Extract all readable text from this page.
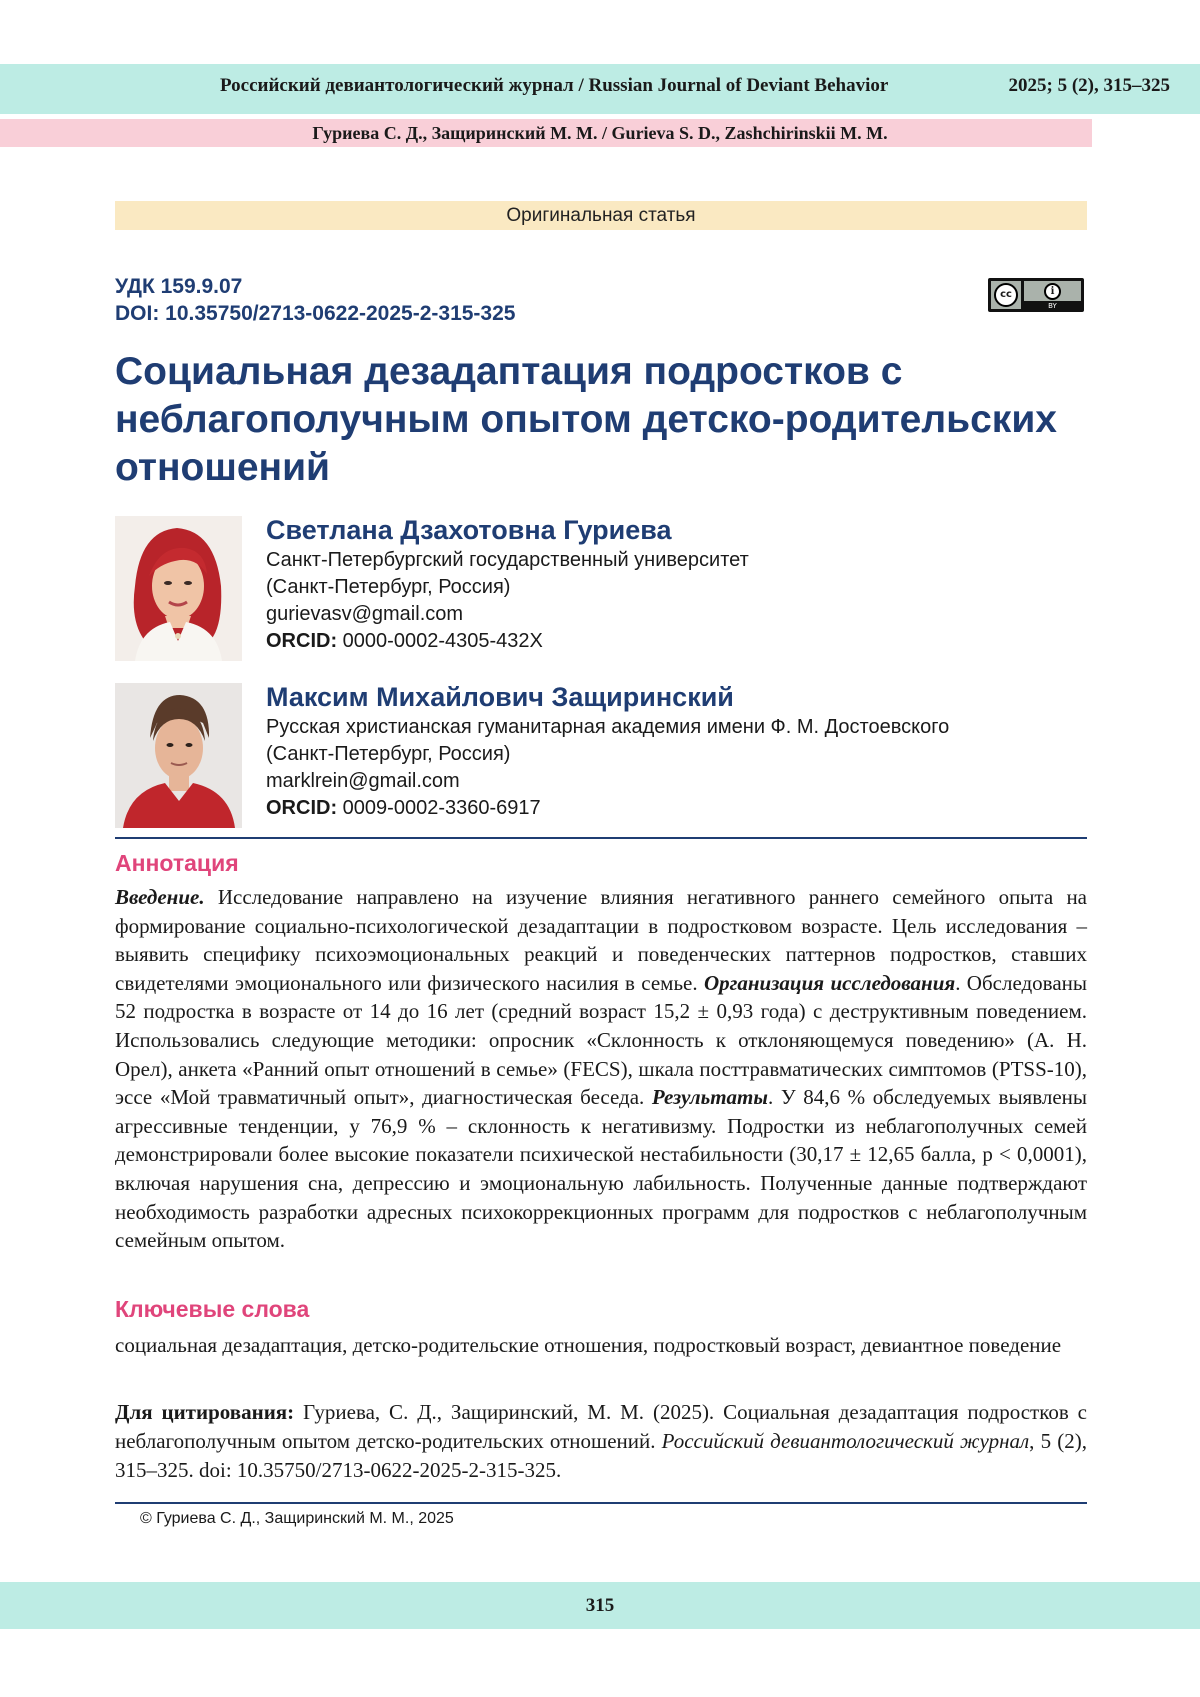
Российский девиантологический журнал / Russian Journal of Deviant Behavior	2025; 5 (2), 315–325
Гуриева С. Д., Защиринский М. М. / Gurieva S. D., Zashchirinskii M. M.
Оригинальная статья
УДК 159.9.07
DOI: 10.35750/2713-0622-2025-2-315-325
cc	i
BY
Социальная дезадаптация подростков с неблагополучным опытом детско-родительских отношений
Светлана Дзахотовна Гуриева
Санкт-Петербургский государственный университет
(Санкт-Петербург, Россия)
gurievasv@gmail.com
ORCID: 0000-0002-4305-432X
Максим Михайлович Защиринский
Русская христианская гуманитарная академия имени Ф. М. Достоевского
(Санкт-Петербург, Россия)
marklrein@gmail.com
ORCID: 0009-0002-3360-6917
Аннотация
Введение. Исследование направлено на изучение влияния негативного раннего семейного опыта на формирование социально-психологической дезадаптации в подростковом возрасте. Цель исследования – выявить специфику психоэмоциональных реакций и поведенческих паттернов подростков, ставших свидетелями эмоционального или физического насилия в семье. Организация исследования. Обследованы 52 подростка в возрасте от 14 до 16 лет (средний возраст 15,2 ± 0,93 года) с деструктивным поведением. Использовались следующие методики: опросник «Склонность к отклоняющемуся поведению» (А. Н. Орел), анкета «Ранний опыт отношений в семье» (FECS), шкала посттравматических симптомов (PTSS-10), эссе «Мой травматичный опыт», диагностическая беседа. Результаты. У 84,6 % обследуемых выявлены агрессивные тенденции, у 76,9 % – склонность к негативизму. Подростки из неблагополучных семей демонстрировали более высокие показатели психической нестабильности (30,17 ± 12,65 балла, p < 0,0001), включая нарушения сна, депрессию и эмоциональную лабильность. Полученные данные подтверждают необходимость разработки адресных психокоррекционных программ для подростков с неблагополучным семейным опытом.
Ключевые слова
социальная дезадаптация, детско-родительские отношения, подростковый возраст, девиантное поведение
Для цитирования: Гуриева, С. Д., Защиринский, М. М. (2025). Социальная дезадаптация подростков с неблагополучным опытом детско-родительских отношений. Российский девиантологический журнал, 5 (2), 315–325. doi: 10.35750/2713-0622-2025-2-315-325.
© Гуриева С. Д., Защиринский М. М., 2025
315
